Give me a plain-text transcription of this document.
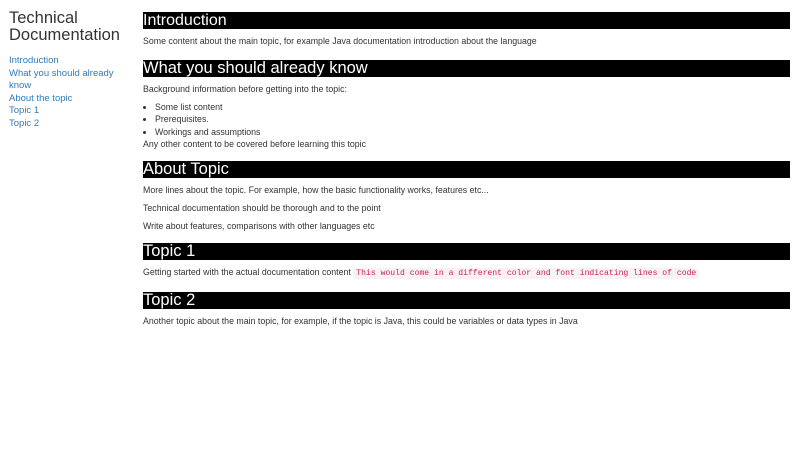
Technical Documentation
Introduction
What you should already know
About the topic
Topic 1
Topic 2
Introduction

Some content about the main topic, for example Java documentation introduction about the language

What you should already know

Background information before getting into the topic:

• Some list content
• Prerequisites.
• Workings and assumptions

Any other content to be covered before learning this topic

About Topic

More lines about the topic. For example, how the basic functionality works, features etc...

Technical documentation should be thorough and to the point

Write about features, comparisons with other languages etc

Topic 1

Getting started with the actual documentation content This would come in a different color and font indicating lines of code

Topic 2

Another topic about the main topic, for example, if the topic is Java, this could be variables or data types in Java
